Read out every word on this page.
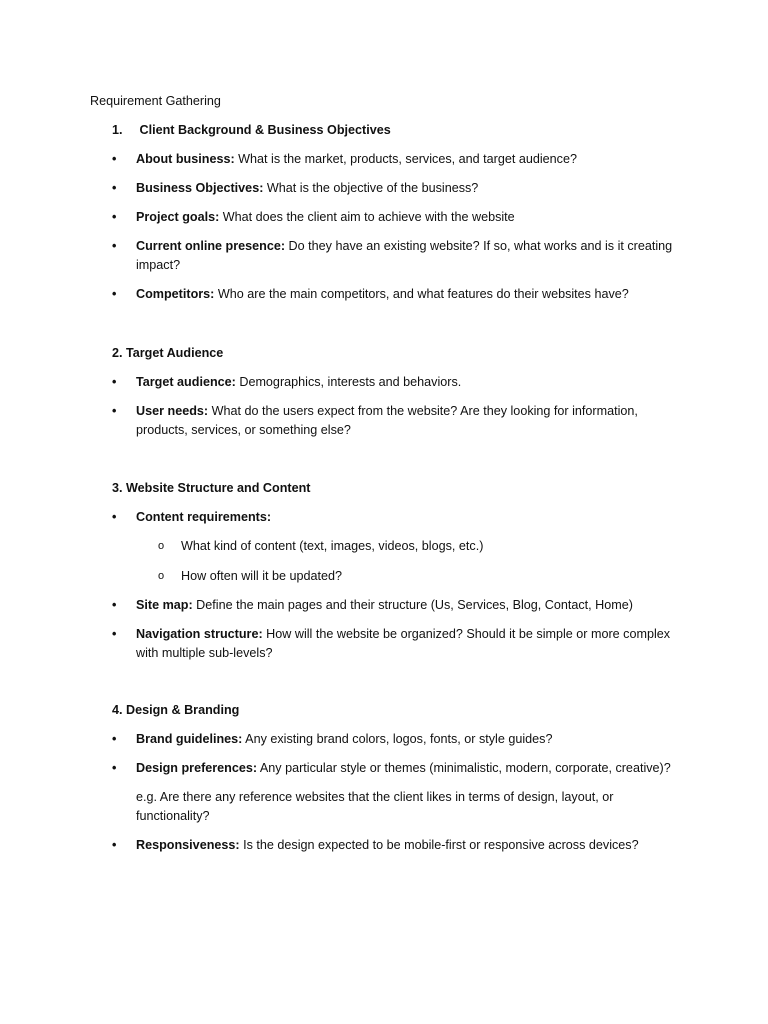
Requirement Gathering
1. Client Background & Business Objectives
•	About business: What is the market, products, services, and target audience?
•	Business Objectives: What is the objective of the business?
•	Project goals: What does the client aim to achieve with the website
•	Current online presence: Do they have an existing website? If so, what works and is it creating impact?
•	Competitors: Who are the main competitors, and what features do their websites have?
2. Target Audience
•	Target audience: Demographics, interests and behaviors.
•	User needs: What do the users expect from the website? Are they looking for information, products, services, or something else?
3. Website Structure and Content
•	Content requirements:
o What kind of content (text, images, videos, blogs, etc.)
o How often will it be updated?
•	Site map: Define the main pages and their structure (Us, Services, Blog, Contact, Home)
•	Navigation structure: How will the website be organized? Should it be simple or more complex with multiple sub-levels?
4. Design & Branding
•	Brand guidelines: Any existing brand colors, logos, fonts, or style guides?
•	Design preferences: Any particular style or themes (minimalistic, modern, corporate, creative)?
e.g. Are there any reference websites that the client likes in terms of design, layout, or functionality?
•	Responsiveness: Is the design expected to be mobile-first or responsive across devices?
